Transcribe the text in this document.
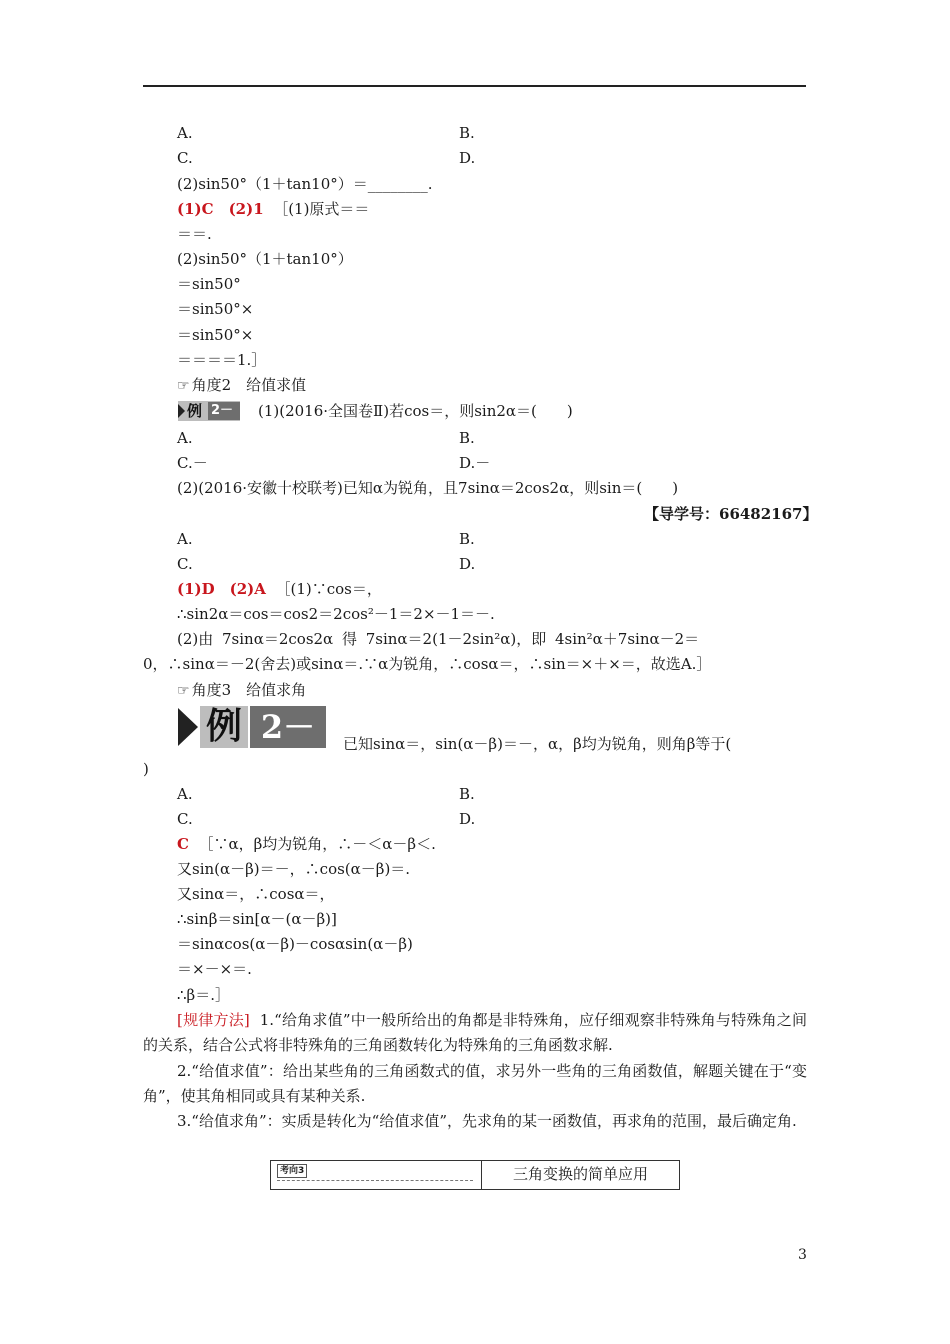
A.	B.
C.	D.
(2)sin50°（1＋tan10°）＝________.
(1)C　(2)1 ［(1)原式＝＝
＝＝.
(2)sin50°（1＋tan10°）
＝sin50°
＝sin50°×
＝sin50°×
＝＝＝＝1.］
☞ 角度2　给值求值
例 2－2
(1)(2016·全国卷Ⅱ)若cos＝，则sin2α＝(　　)
A.	B.
C.－	D.－
(2)(2016·安徽十校联考)已知α为锐角，且7sinα＝2cos2α，则sin＝(　　)
【导学号：66482167】
A.	B.
C.	D.
(1)D　(2)A ［(1)∵cos＝，
∴sin2α＝cos＝cos2＝2cos²－1＝2×－1＝－.
(2)由 7sinα＝2cos2α 得 7sinα＝2(1－2sin²α)，即 4sin²α＋7sinα－2＝
0，∴sinα＝－2(舍去)或sinα＝.∵α为锐角，∴cosα＝，∴sin＝×＋×＝，故选A.］
☞ 角度3　给值求角
例 2－3
已知sinα＝，sin(α－β)＝－，α，β均为锐角，则角β等于(
)
A.	B.
C.	D.
C ［∵α，β均为锐角，∴－＜α－β＜.
又sin(α－β)＝－，∴cos(α－β)＝.
又sinα＝，∴cosα＝，
∴sinβ＝sin[α－(α－β)]
＝sinαcos(α－β)－cosαsin(α－β)
＝×－×＝.
∴β＝.］
[规律方法] 1.“给角求值”中一般所给出的角都是非特殊角，应仔细观察非特殊角与特殊角之间的关系，结合公式将非特殊角的三角函数转化为特殊角的三角函数求解.
2.“给值求值”：给出某些角的三角函数式的值，求另外一些角的三角函数值，解题关键在于“变角”，使其角相同或具有某种关系.
3.“给值求角”：实质是转化为“给值求值”，先求角的某一函数值，再求角的范围，最后确定角.
考向3	三角变换的简单应用
3
